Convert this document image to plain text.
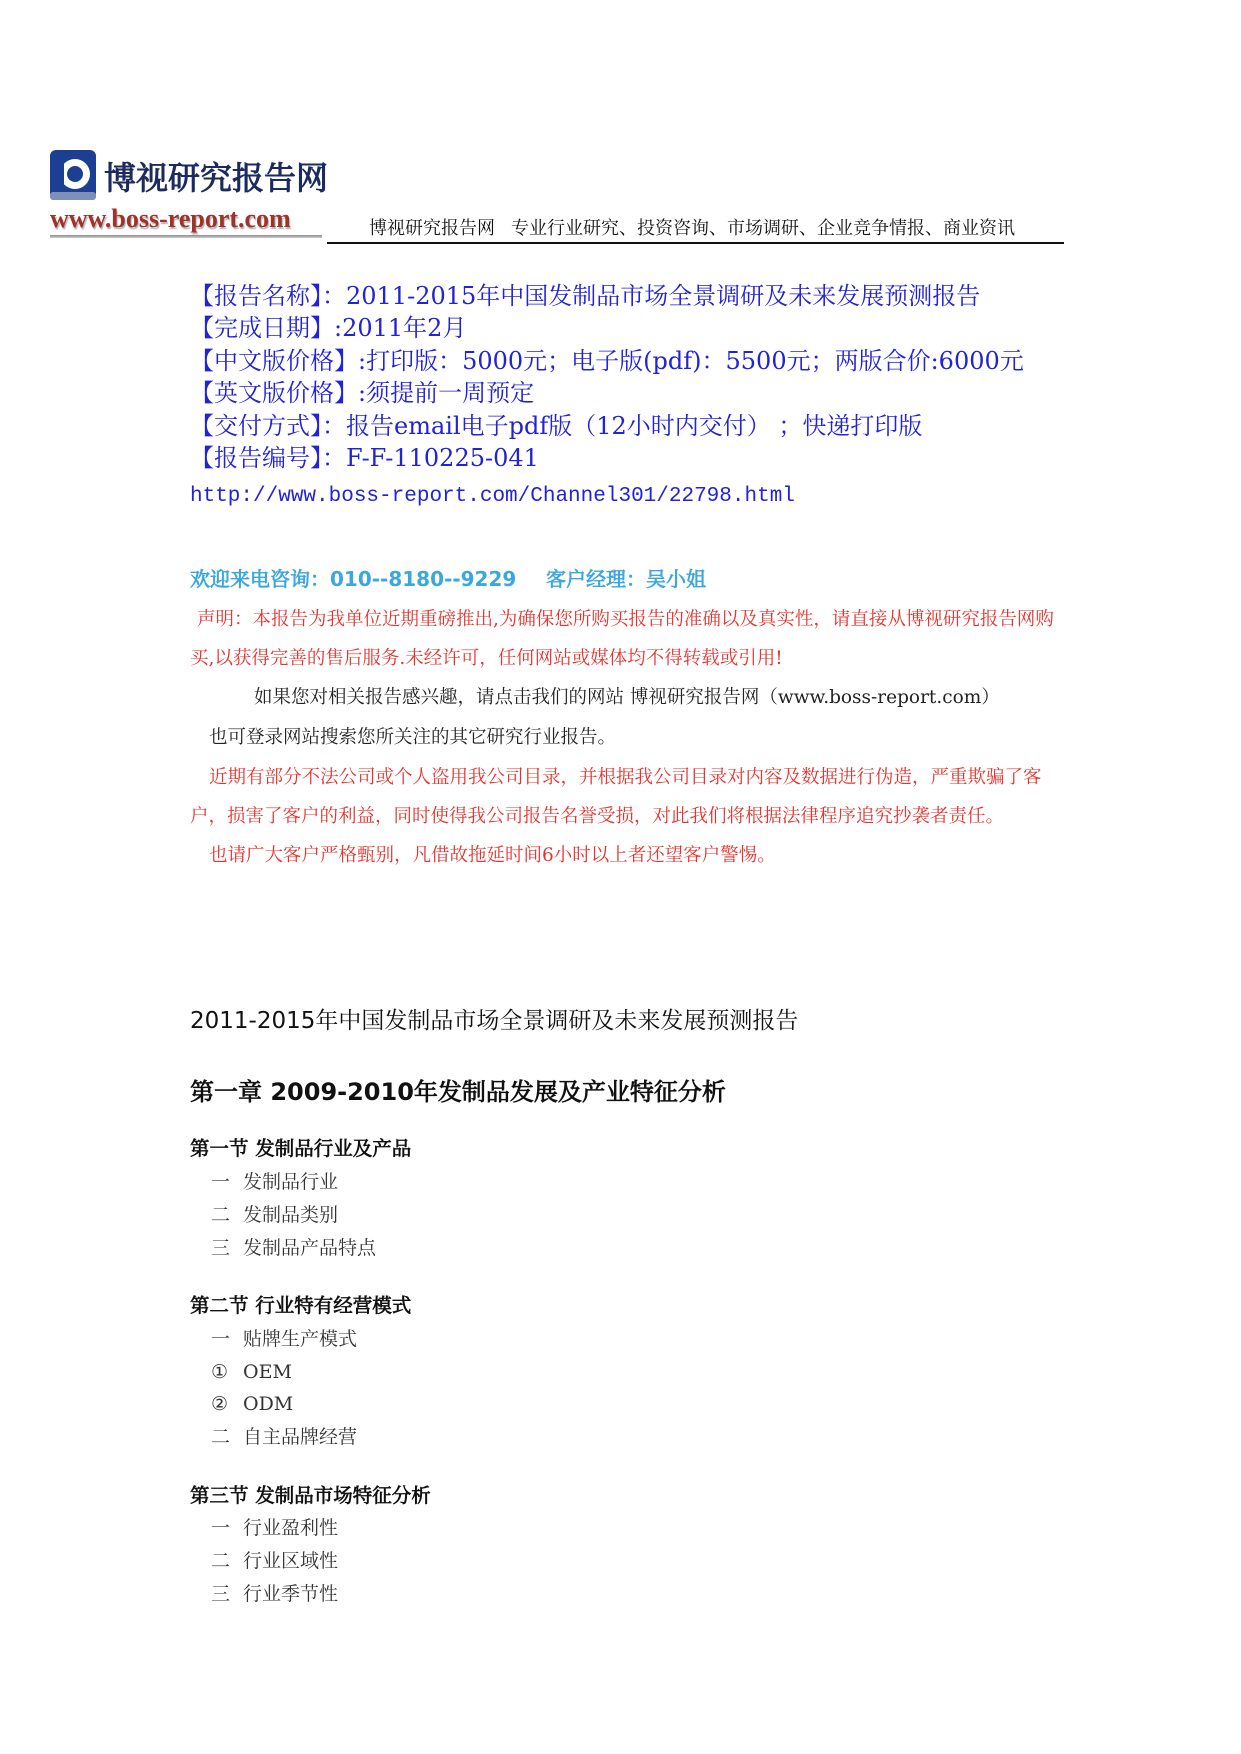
博视研究报告网
www.boss-report.com	博视研究报告网 专业行业研究、投资咨询、市场调研、企业竞争情报、商业资讯
【报告名称】：2011-2015年中国发制品市场全景调研及未来发展预测报告
【完成日期】:2011年2月
【中文版价格】:打印版：5000元；电子版(pdf)：5500元；两版合价:6000元
【英文版价格】:须提前一周预定
【交付方式】：报告email电子pdf版（12小时内交付） ；快递打印版
【报告编号】：F-F-110225-041
http://www.boss-report.com/Channel301/22798.html
欢迎来电咨询：010--8180--9229 客户经理：吴小姐
声明：本报告为我单位近期重磅推出,为确保您所购买报告的准确以及真实性，请直接从博视研究报告网购
买,以获得完善的售后服务.未经许可，任何网站或媒体均不得转载或引用!
如果您对相关报告感兴趣，请点击我们的网站 博视研究报告网（www.boss-report.com）
也可登录网站搜索您所关注的其它研究行业报告。
近期有部分不法公司或个人盗用我公司目录，并根据我公司目录对内容及数据进行伪造，严重欺骗了客
户，损害了客户的利益，同时使得我公司报告名誉受损，对此我们将根据法律程序追究抄袭者责任。
也请广大客户严格甄别，凡借故拖延时间6小时以上者还望客户警惕。
2011-2015年中国发制品市场全景调研及未来发展预测报告
第一章 2009-2010年发制品发展及产业特征分析
第一节 发制品行业及产品
一 发制品行业
二 发制品类别
三 发制品产品特点
第二节 行业特有经营模式
一 贴牌生产模式
① OEM
② ODM
二 自主品牌经营
第三节 发制品市场特征分析
一 行业盈利性
二 行业区域性
三 行业季节性
